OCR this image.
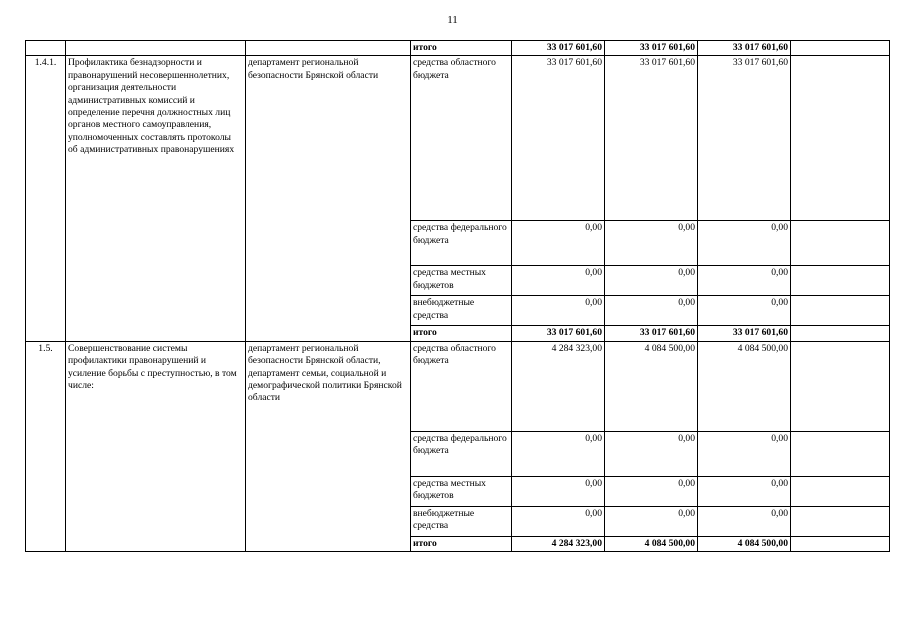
11
			итого	33 017 601,60	33 017 601,60	33 017 601,60	
1.4.1.	Профилактика безнадзорности и правонарушений несовершеннолетних, организация деятельности административных комиссий и определение перечня должностных лиц органов местного самоуправления, уполномоченных составлять протоколы об административных правонарушениях	департамент региональной безопасности Брянской области	средства областного бюджета	33 017 601,60	33 017 601,60	33 017 601,60	
			средства федерального бюджета	0,00	0,00	0,00	
			средства местных бюджетов	0,00	0,00	0,00	
			внебюджетные средства	0,00	0,00	0,00	
			итого	33 017 601,60	33 017 601,60	33 017 601,60	
1.5.	Совершенствование системы профилактики правонарушений и усиление борьбы с преступностью, в том числе:	департамент региональной безопасности Брянской области, департамент семьи, социальной и демографической политики Брянской области	средства областного бюджета	4 284 323,00	4 084 500,00	4 084 500,00	
			средства федерального бюджета	0,00	0,00	0,00	
			средства местных бюджетов	0,00	0,00	0,00	
			внебюджетные средства	0,00	0,00	0,00	
			итого	4 284 323,00	4 084 500,00	4 084 500,00	
